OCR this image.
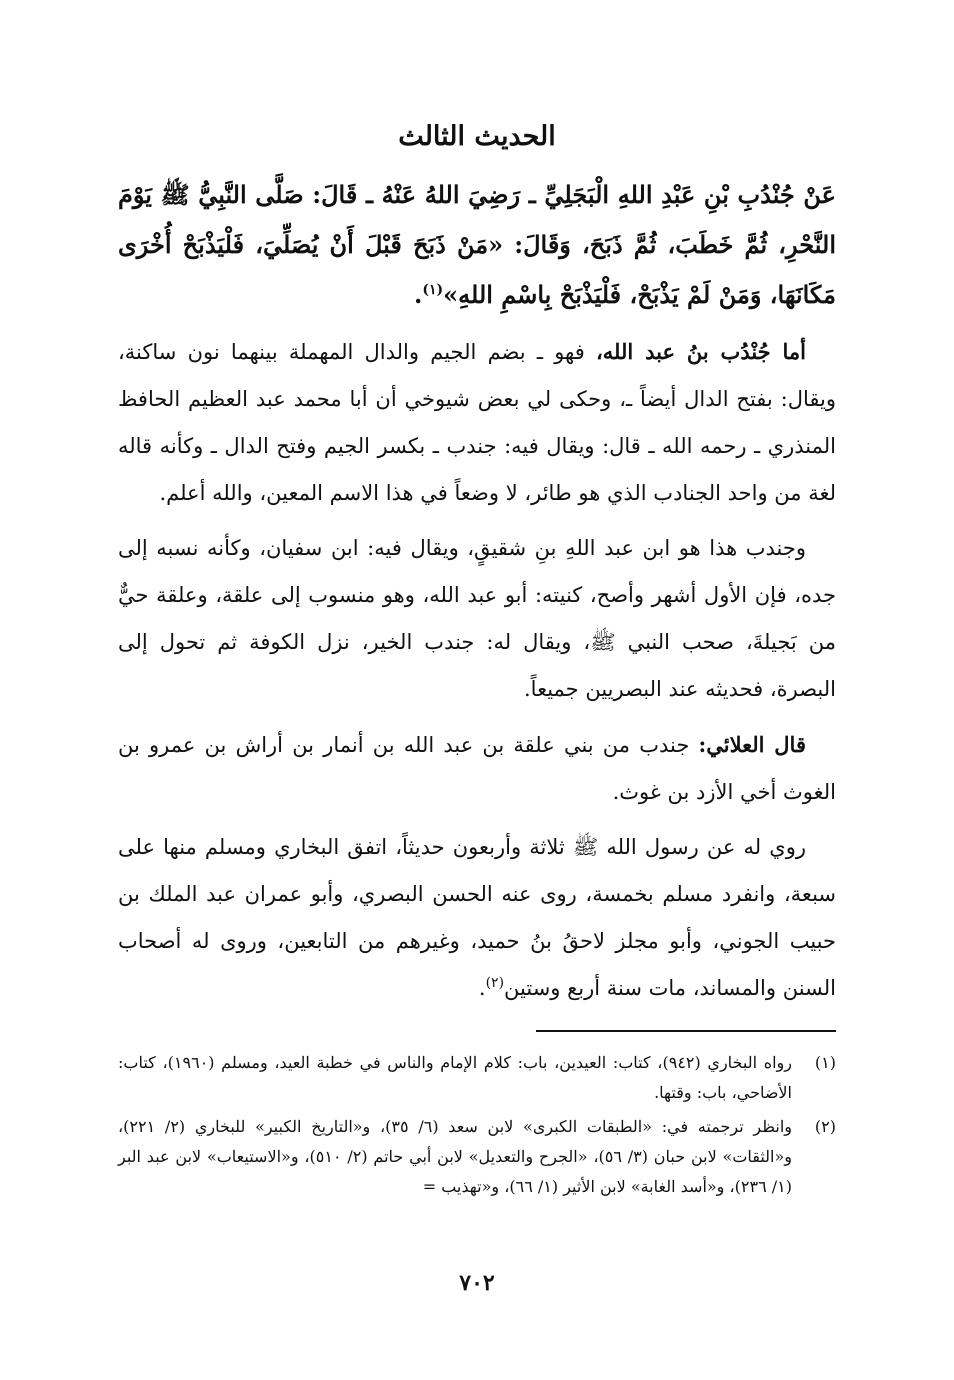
الحديث الثالث

عَنْ جُنْدُبِ بْنِ عَبْدِ اللهِ الْبَجَلِيِّ ـ رَضِيَ اللهُ عَنْهُ ـ قَالَ: صَلَّى النَّبِيُّ ﷺ يَوْمَ النَّحْرِ، ثُمَّ خَطَبَ، ثُمَّ ذَبَحَ، وَقَالَ: «مَنْ ذَبَحَ قَبْلَ أَنْ يُصَلِّيَ، فَلْيَذْبَحْ أُخْرَى مَكَانَهَا، وَمَنْ لَمْ يَذْبَحْ، فَلْيَذْبَحْ بِاسْمِ اللهِ»$^{(١)}$.

أما جُنْدُب بنُ عبد الله، فهو ـ بضم الجيم والدال المهملة بينهما نون ساكنة، ويقال: بفتح الدال أيضاً ـ، وحكى لي بعض شيوخي أن أبا محمد عبد العظيم الحافظ المنذري ـ رحمه الله ـ قال: ويقال فيه: جندب ـ بكسر الجيم وفتح الدال ـ وكأنه قاله لغة من واحد الجنادب الذي هو طائر، لا وضعاً في هذا الاسم المعين، والله أعلم.

وجندب هذا هو ابن عبد اللهِ بنِ شقيقٍ، ويقال فيه: ابن سفيان، وكأنه نسبه إلى جده، فإن الأول أشهر وأصح، كنيته: أبو عبد الله، وهو منسوب إلى علقة، وعلقة حيٌّ من بَجيلةَ، صحب النبي ﷺ، ويقال له: جندب الخير، نزل الكوفة ثم تحول إلى البصرة، فحديثه عند البصريين جميعاً.

قال العلائي: جندب من بني علقة بن عبد الله بن أنمار بن أراش بن عمرو بن الغوث أخي الأزد بن غوث.

روي له عن رسول الله ﷺ ثلاثة وأربعون حديثاً، اتفق البخاري ومسلم منها على سبعة، وانفرد مسلم بخمسة، روى عنه الحسن البصري، وأبو عمران عبد الملك بن حبيب الجوني، وأبو مجلز لاحقُ بنُ حميد، وغيرهم من التابعين، وروى له أصحاب السنن والمساند، مات سنة أربع وستين$^{(٢)}$.

(١)
رواه البخاري (٩٤٢)، كتاب: العيدين، باب: كلام الإمام والناس في خطبة العيد، ومسلم (١٩٦٠)، كتاب: الأضاحي، باب: وقتها.
(٢)
وانظر ترجمته في: «الطبقات الكبرى» لابن سعد (٦/ ٣٥)، و«التاريخ الكبير» للبخاري (٢/ ٢٢١)، و«الثقات» لابن حبان (٣/ ٥٦)، «الجرح والتعديل» لابن أبي حاتم (٢/ ٥١٠)، و«الاستيعاب» لابن عبد البر (١/ ٢٣٦)، و«أسد الغابة» لابن الأثير (١/ ٦٦)، و«تهذيب =
٧٠٢
